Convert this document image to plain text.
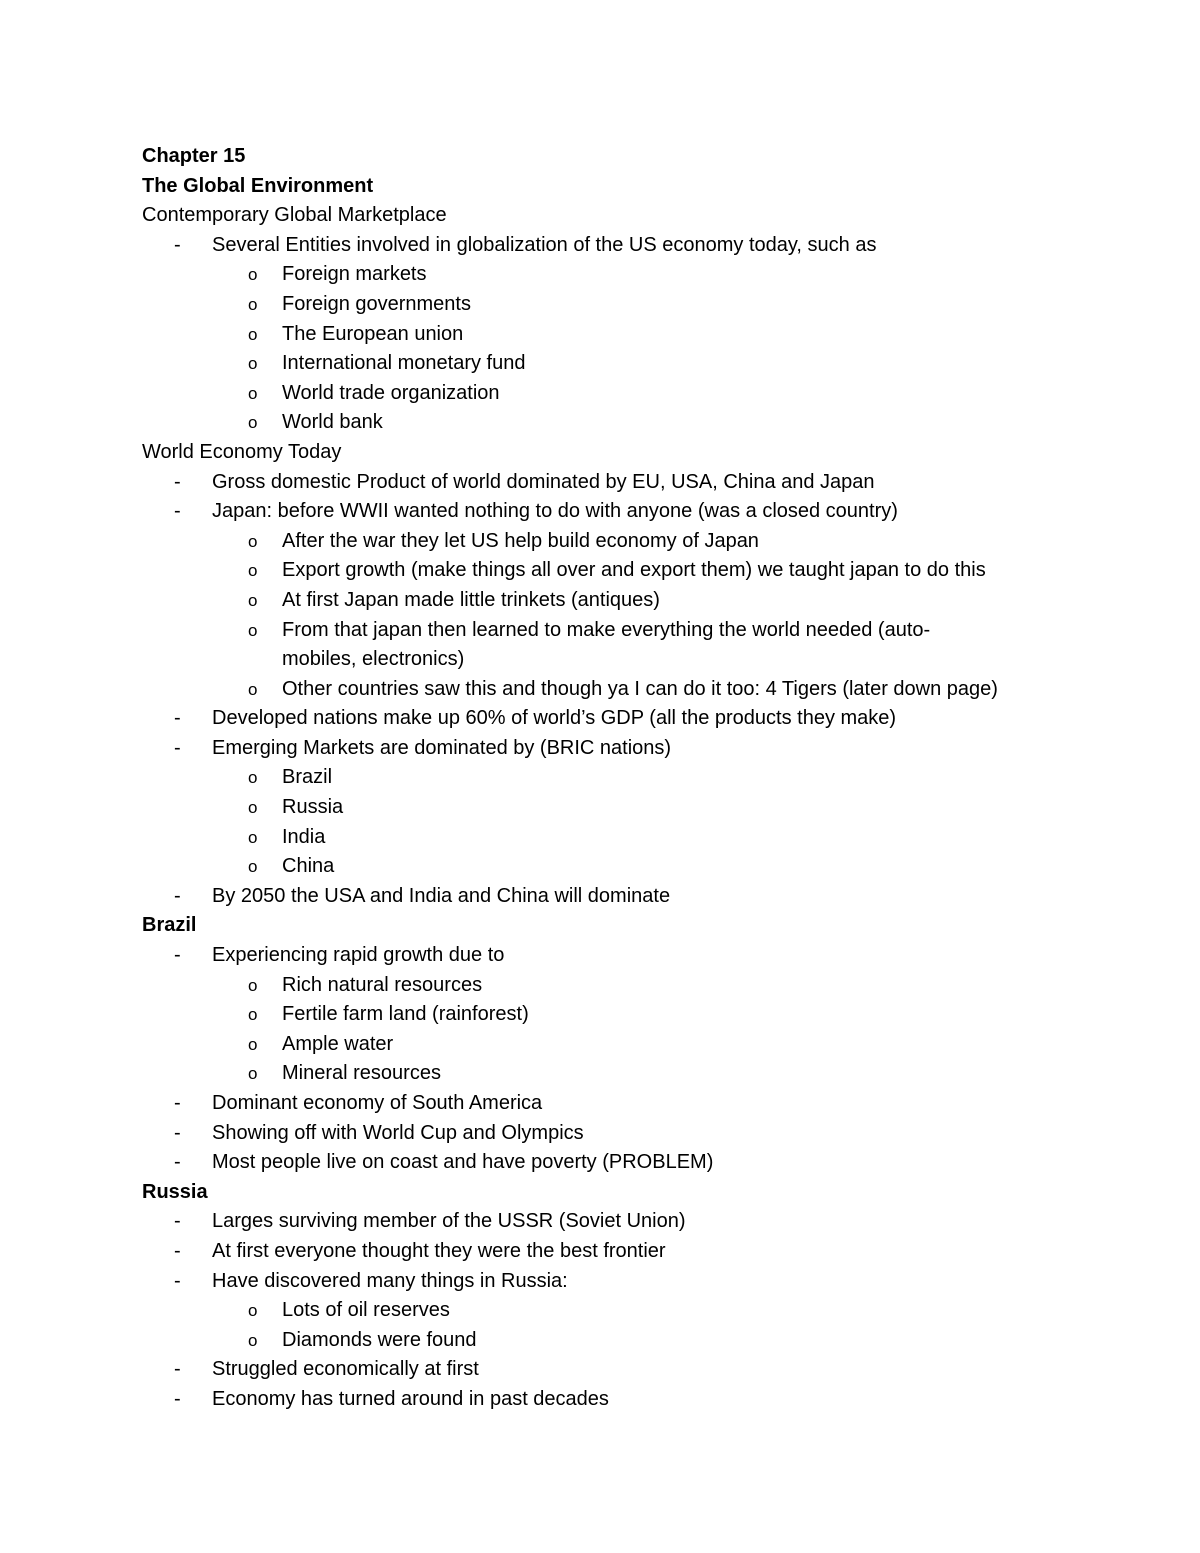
Chapter 15
The Global Environment
Contemporary Global Marketplace
- Several Entities involved in globalization of the US economy today, such as
o Foreign markets
o Foreign governments
o The European union
o International monetary fund
o World trade organization
o World bank
World Economy Today
- Gross domestic Product of world dominated by EU, USA, China and Japan
- Japan: before WWII wanted nothing to do with anyone (was a closed country)
o After the war they let US help build economy of Japan
o Export growth (make things all over and export them) we taught japan to do this
o At first Japan made little trinkets (antiques)
o From that japan then learned to make everything the world needed (auto-mobiles, electronics)
o Other countries saw this and though ya I can do it too: 4 Tigers (later down page)
- Developed nations make up 60% of world’s GDP (all the products they make)
- Emerging Markets are dominated by (BRIC nations)
o Brazil
o Russia
o India
o China
- By 2050 the USA and India and China will dominate
Brazil
- Experiencing rapid growth due to
o Rich natural resources
o Fertile farm land (rainforest)
o Ample water
o Mineral resources
- Dominant economy of South America
- Showing off with World Cup and Olympics
- Most people live on coast and have poverty (PROBLEM)
Russia
- Larges surviving member of the USSR (Soviet Union)
- At first everyone thought they were the best frontier
- Have discovered many things in Russia:
o Lots of oil reserves
o Diamonds were found
- Struggled economically at first
- Economy has turned around in past decades
